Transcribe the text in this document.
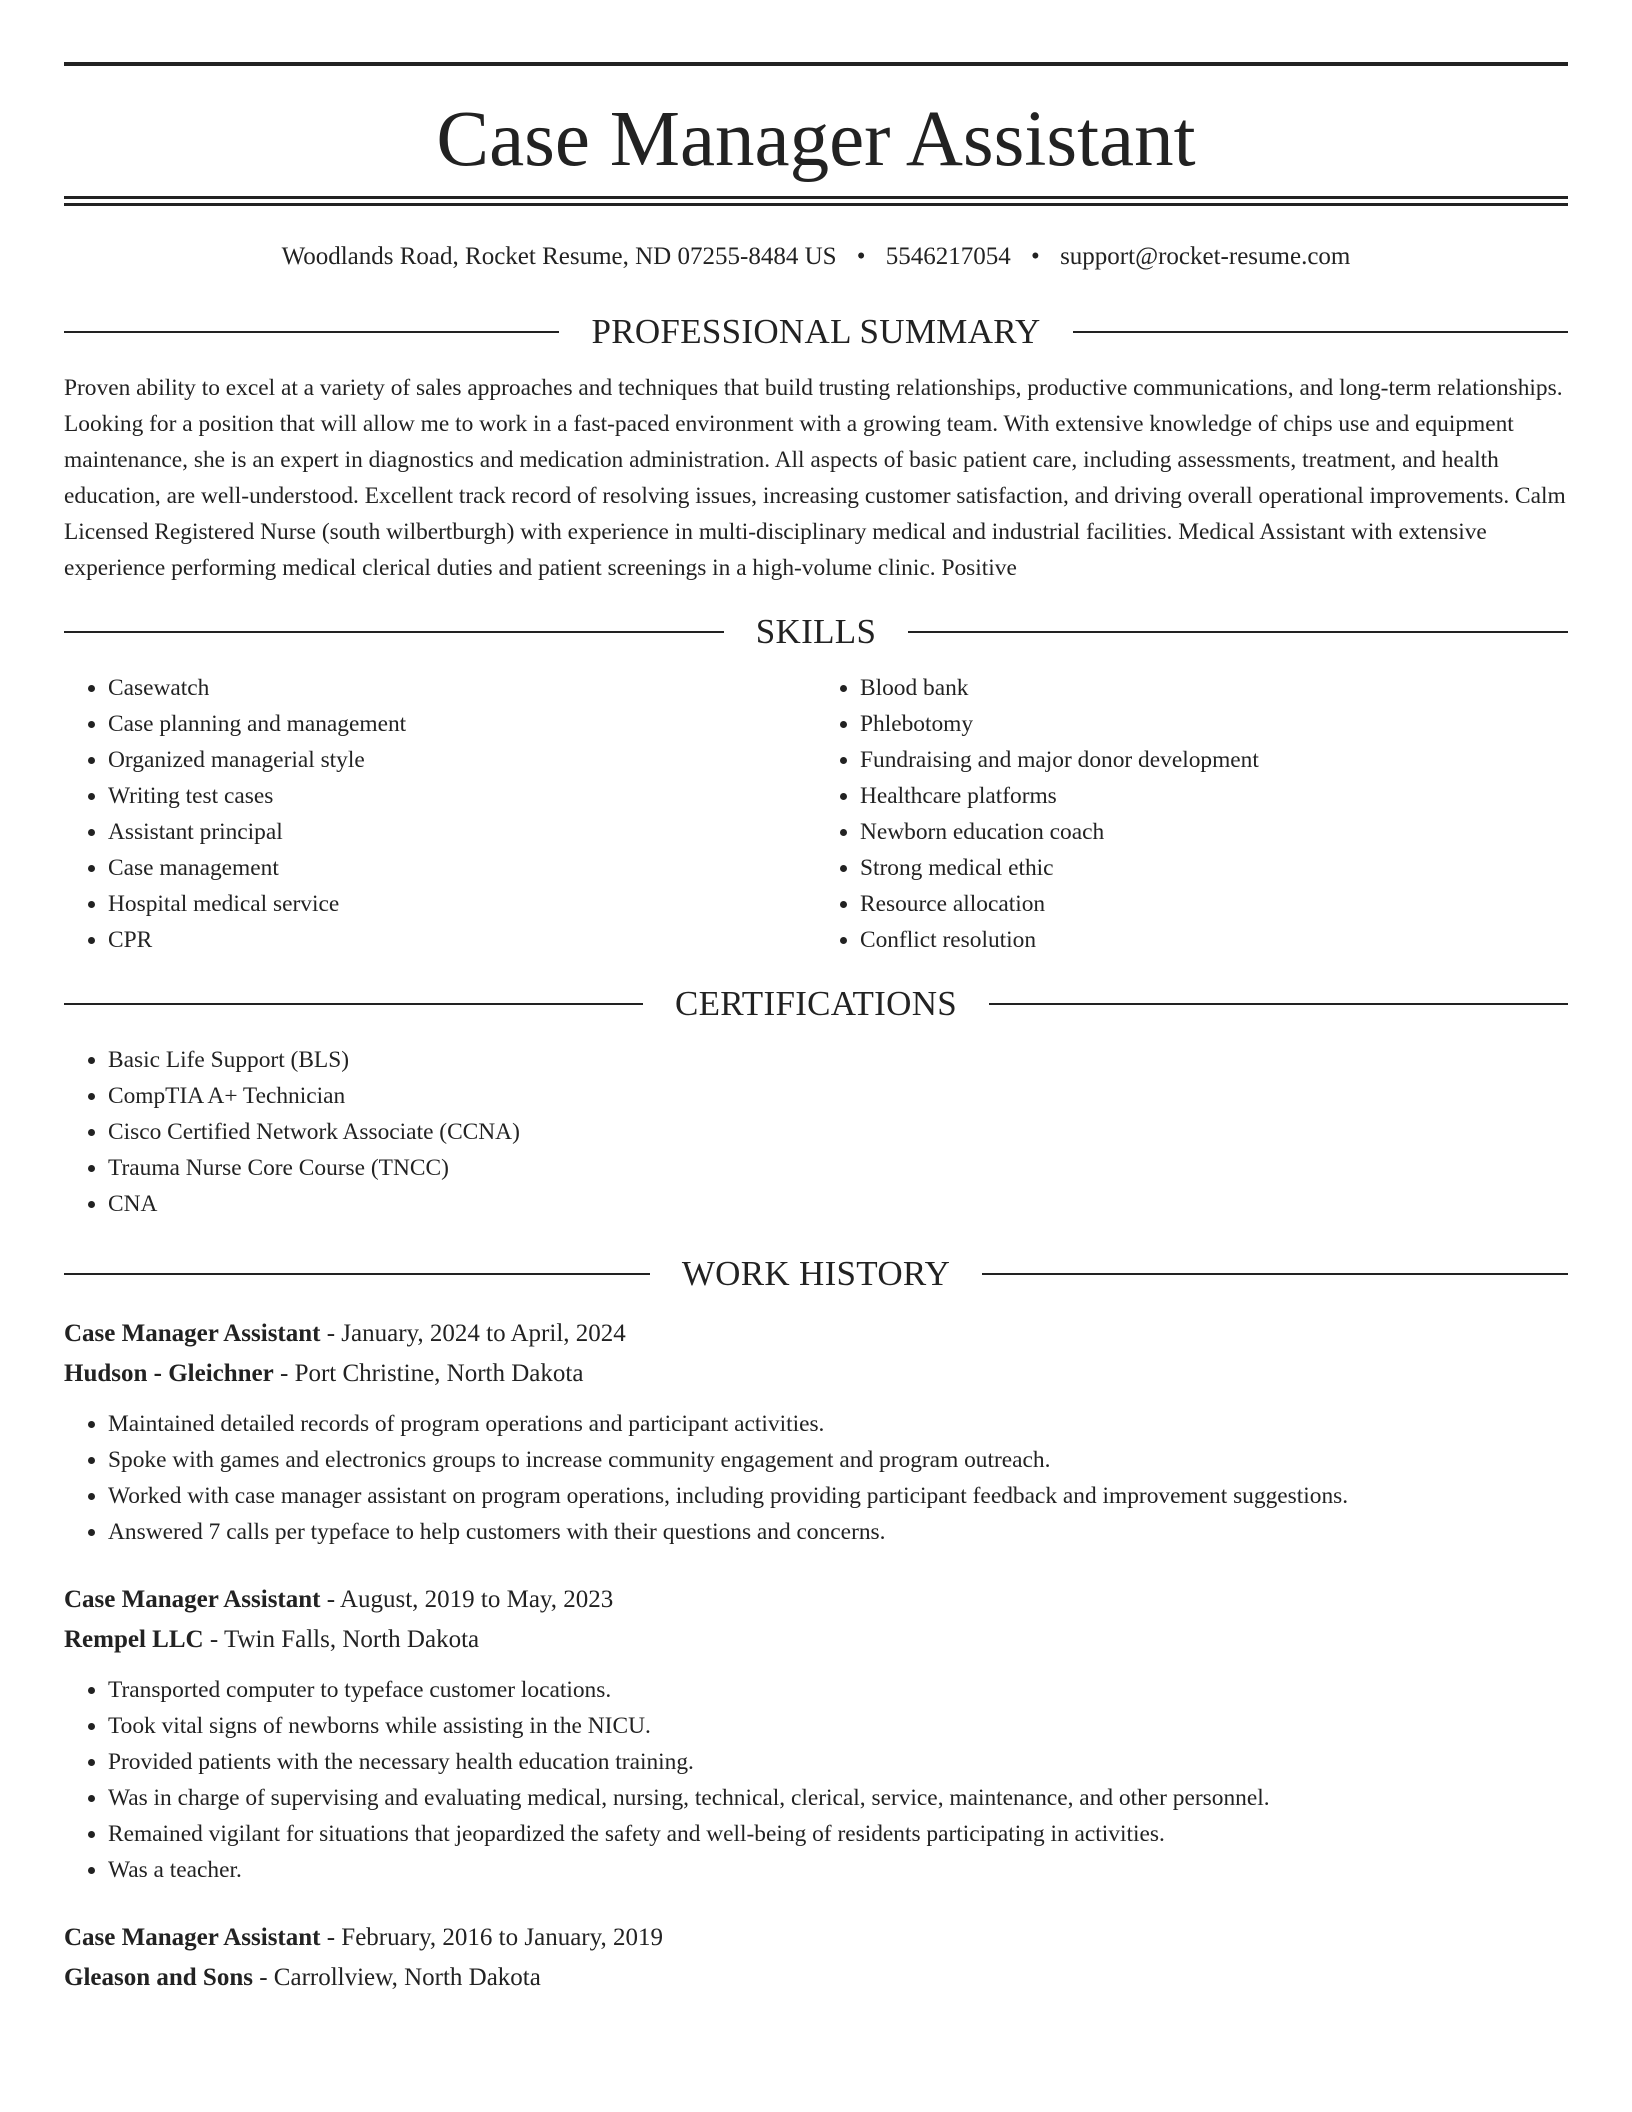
Case Manager Assistant
Woodlands Road, Rocket Resume, ND 07255-8484 US • 5546217054 • support@rocket-resume.com
PROFESSIONAL SUMMARY
Proven ability to excel at a variety of sales approaches and techniques that build trusting relationships, productive communications, and long-term relationships. Looking for a position that will allow me to work in a fast-paced environment with a growing team. With extensive knowledge of chips use and equipment maintenance, she is an expert in diagnostics and medication administration. All aspects of basic patient care, including assessments, treatment, and health education, are well-understood. Excellent track record of resolving issues, increasing customer satisfaction, and driving overall operational improvements. Calm Licensed Registered Nurse (south wilbertburgh) with experience in multi-disciplinary medical and industrial facilities. Medical Assistant with extensive experience performing medical clerical duties and patient screenings in a high-volume clinic. Positive
SKILLS
• Casewatch
• Case planning and management
• Organized managerial style
• Writing test cases
• Assistant principal
• Case management
• Hospital medical service
• CPR
• Blood bank
• Phlebotomy
• Fundraising and major donor development
• Healthcare platforms
• Newborn education coach
• Strong medical ethic
• Resource allocation
• Conflict resolution
CERTIFICATIONS
• Basic Life Support (BLS)
• CompTIA A+ Technician
• Cisco Certified Network Associate (CCNA)
• Trauma Nurse Core Course (TNCC)
• CNA
WORK HISTORY
Case Manager Assistant - January, 2024 to April, 2024
Hudson - Gleichner - Port Christine, North Dakota
• Maintained detailed records of program operations and participant activities.
• Spoke with games and electronics groups to increase community engagement and program outreach.
• Worked with case manager assistant on program operations, including providing participant feedback and improvement suggestions.
• Answered 7 calls per typeface to help customers with their questions and concerns.
Case Manager Assistant - August, 2019 to May, 2023
Rempel LLC - Twin Falls, North Dakota
• Transported computer to typeface customer locations.
• Took vital signs of newborns while assisting in the NICU.
• Provided patients with the necessary health education training.
• Was in charge of supervising and evaluating medical, nursing, technical, clerical, service, maintenance, and other personnel.
• Remained vigilant for situations that jeopardized the safety and well-being of residents participating in activities.
• Was a teacher.
Case Manager Assistant - February, 2016 to January, 2019
Gleason and Sons - Carrollview, North Dakota
